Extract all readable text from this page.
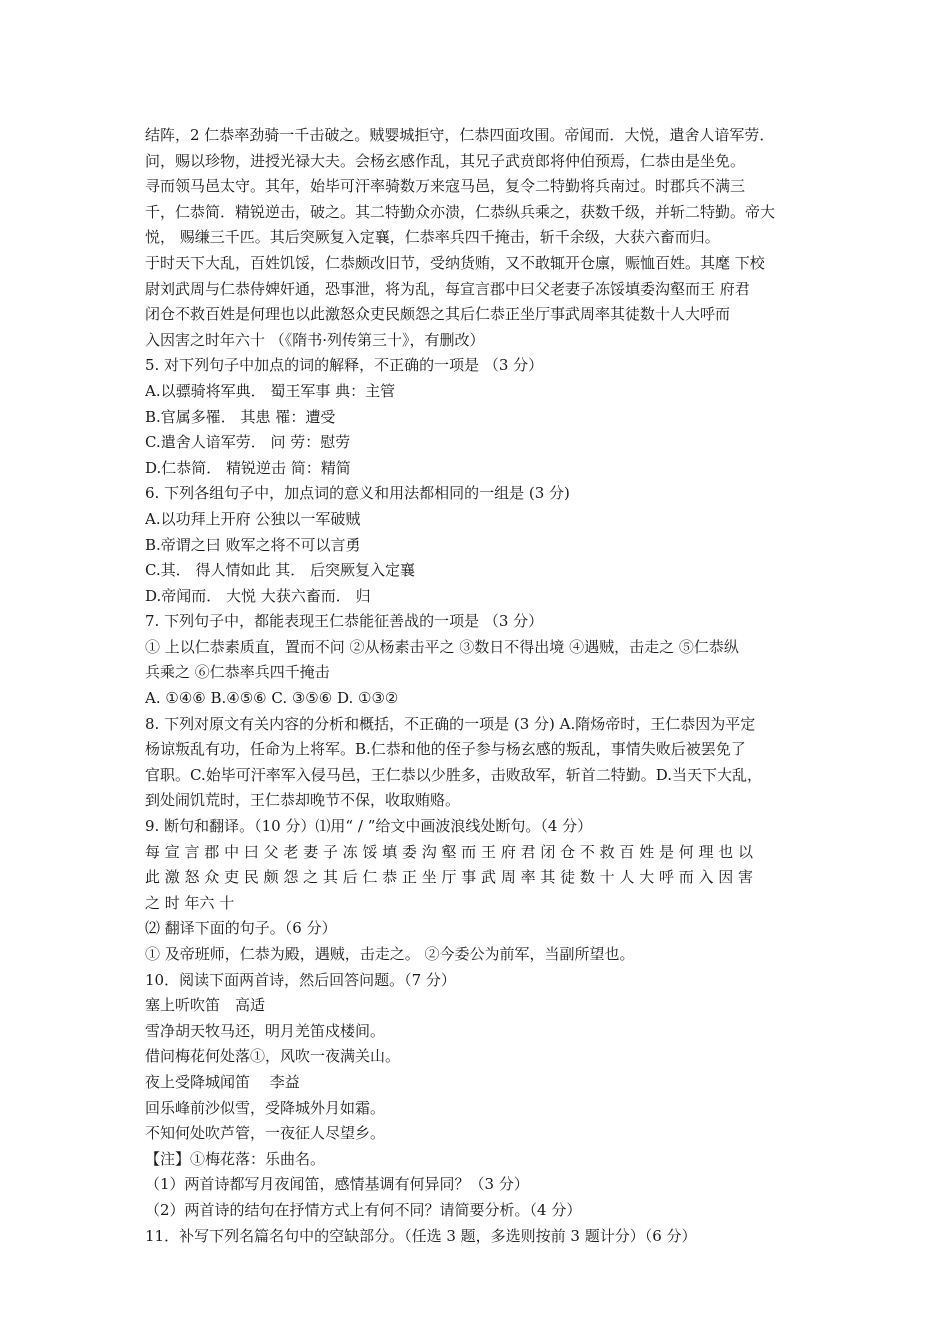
结阵，2 仁恭率劲骑一千击破之。贼婴城拒守，仁恭四面攻围。帝闻而．大悦，遣舍人谙军劳．
问，赐以珍物，进授光禄大夫。会杨玄感作乱，其兄子武贲郎将仲伯预焉，仁恭由是坐免。
寻而领马邑太守。其年，始毕可汗率骑数万来寇马邑，复令二特勤将兵南过。时郡兵不满三
千，仁恭简．精锐逆击，破之。其二特勤众亦溃，仁恭纵兵乘之，获数千级，并斩二特勤。帝大
悦， 赐缣三千匹。其后突厥复入定襄，仁恭率兵四千掩击，斩千余级，大获六畜而归。
于时天下大乱，百姓饥馁，仁恭颇改旧节，受纳货贿，又不敢辄开仓廪，赈恤百姓。其麾 下校
尉刘武周与仁恭侍婢奸通，恐事泄，将为乱，每宣言郡中曰父老妻子冻馁填委沟壑而王 府君
闭仓不救百姓是何理也以此激怒众吏民颇怨之其后仁恭正坐厅事武周率其徒数十人大呼而
入因害之时年六十 （《隋书·列传第三十》，有删改）
5. 对下列句子中加点的词的解释，不正确的一项是 （3 分）
A.以骠骑将军典． 蜀王军事 典：主管
B.官属多罹． 其患 罹：遭受
C.遣舍人谙军劳． 问 劳：慰劳
D.仁恭简． 精锐逆击 简：精简
6. 下列各组句子中，加点词的意义和用法都相同的一组是 (3 分)
A.以功拜上开府 公独以一军破贼
B.帝谓之曰 败军之将不可以言勇
C.其． 得人情如此 其． 后突厥复入定襄
D.帝闻而． 大悦 大获六畜而． 归
7. 下列句子中，都能表现王仁恭能征善战的一项是 （3 分）
① 上以仁恭素质直，置而不问 ②从杨素击平之 ③数日不得出境 ④遇贼，击走之 ⑤仁恭纵
兵乘之 ⑥仁恭率兵四千掩击
A. ①④⑥ B.④⑤⑥ C. ③⑤⑥ D. ①③②
8. 下列对原文有关内容的分析和概括，不正确的一项是 (3 分) A.隋炀帝时，王仁恭因为平定
杨谅叛乱有功，任命为上将军。B.仁恭和他的侄子参与杨玄感的叛乱，事情失败后被罢免了
官职。C.始毕可汗率军入侵马邑，王仁恭以少胜多，击败敌军，斩首二特勤。D.当天下大乱，
到处闹饥荒时，王仁恭却晚节不保，收取贿赂。
9. 断句和翻译。（10 分）⑴用“ / ”给文中画波浪线处断句。（4 分）
每 宣 言 郡 中 曰 父 老 妻 子 冻 馁 填 委 沟 壑 而 王 府 君 闭 仓 不 救 百 姓 是 何 理 也 以
此 激 怒 众 吏 民 颇 怨 之 其 后 仁 恭 正 坐 厅 事 武 周 率 其 徒 数 十 人 大 呼 而 入 因 害
之 时 年六 十
⑵ 翻译下面的句子。（6 分）
① 及帝班师，仁恭为殿，遇贼，击走之。 ②今委公为前军，当副所望也。
10．阅读下面两首诗，然后回答问题。（7 分）
塞上听吹笛　高适
雪净胡天牧马还，明月羌笛戍楼间。
借问梅花何处落①，风吹一夜满关山。
夜上受降城闻笛　 李益
回乐峰前沙似雪，受降城外月如霜。
不知何处吹芦管，一夜征人尽望乡。
【注】①梅花落：乐曲名。
（1）两首诗都写月夜闻笛，感情基调有何异同？（3 分）
（2）两首诗的结句在抒情方式上有何不同？请简要分析。（4 分）
11．补写下列名篇名句中的空缺部分。（任选 3 题，多选则按前 3 题计分）（6 分）
